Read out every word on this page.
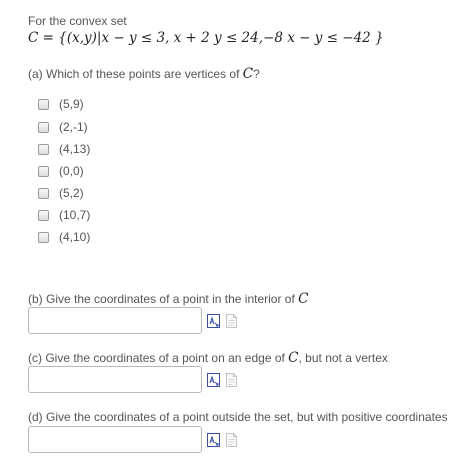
For the convex set
C = {(x,y)|x − y ≤ 3, x + 2 y ≤ 24,−8 x − y ≤ −42 }
(a) Which of these points are vertices of C?
(5,9)
(2,-1)
(4,13)
(0,0)
(5,2)
(10,7)
(4,10)
(b) Give the coordinates of a point in the interior of C
(c) Give the coordinates of a point on an edge of C, but not a vertex
(d) Give the coordinates of a point outside the set, but with positive coordinates
